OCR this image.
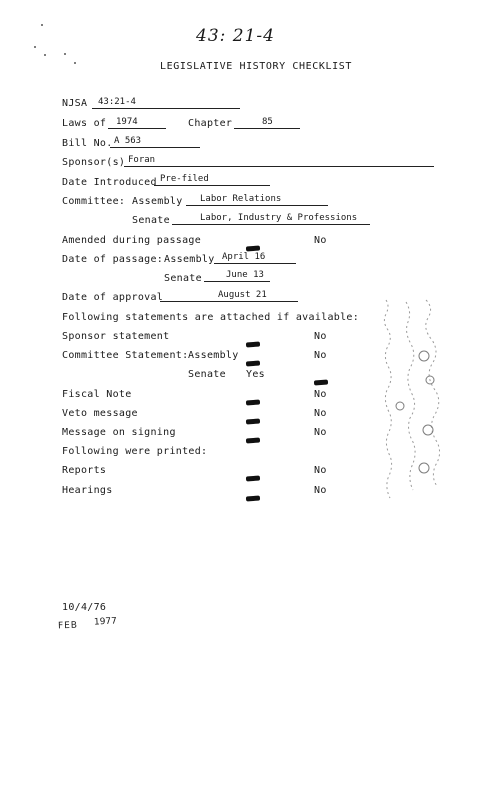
43: 21-4
LEGISLATIVE HISTORY CHECKLIST
NJSA 43:21-4
Laws of 1974	Chapter	85
Bill No. A 563
Sponsor(s) Foran
Date Introduced Pre-filed
Committee: Assembly Labor Relations
Senate	Labor, Industry & Professions
Amended during passage	No
Date of passage: Assembly April 16
Senate	June 13
Date of approval	August 21
Following statements are attached if available:
Sponsor statement	No
Committee Statement: Assembly	No
Senate Yes
Fiscal Note	No
Veto message	No
Message on signing	No
Following were printed:
Reports	No
Hearings	No
10/4/76
FEB 1977
